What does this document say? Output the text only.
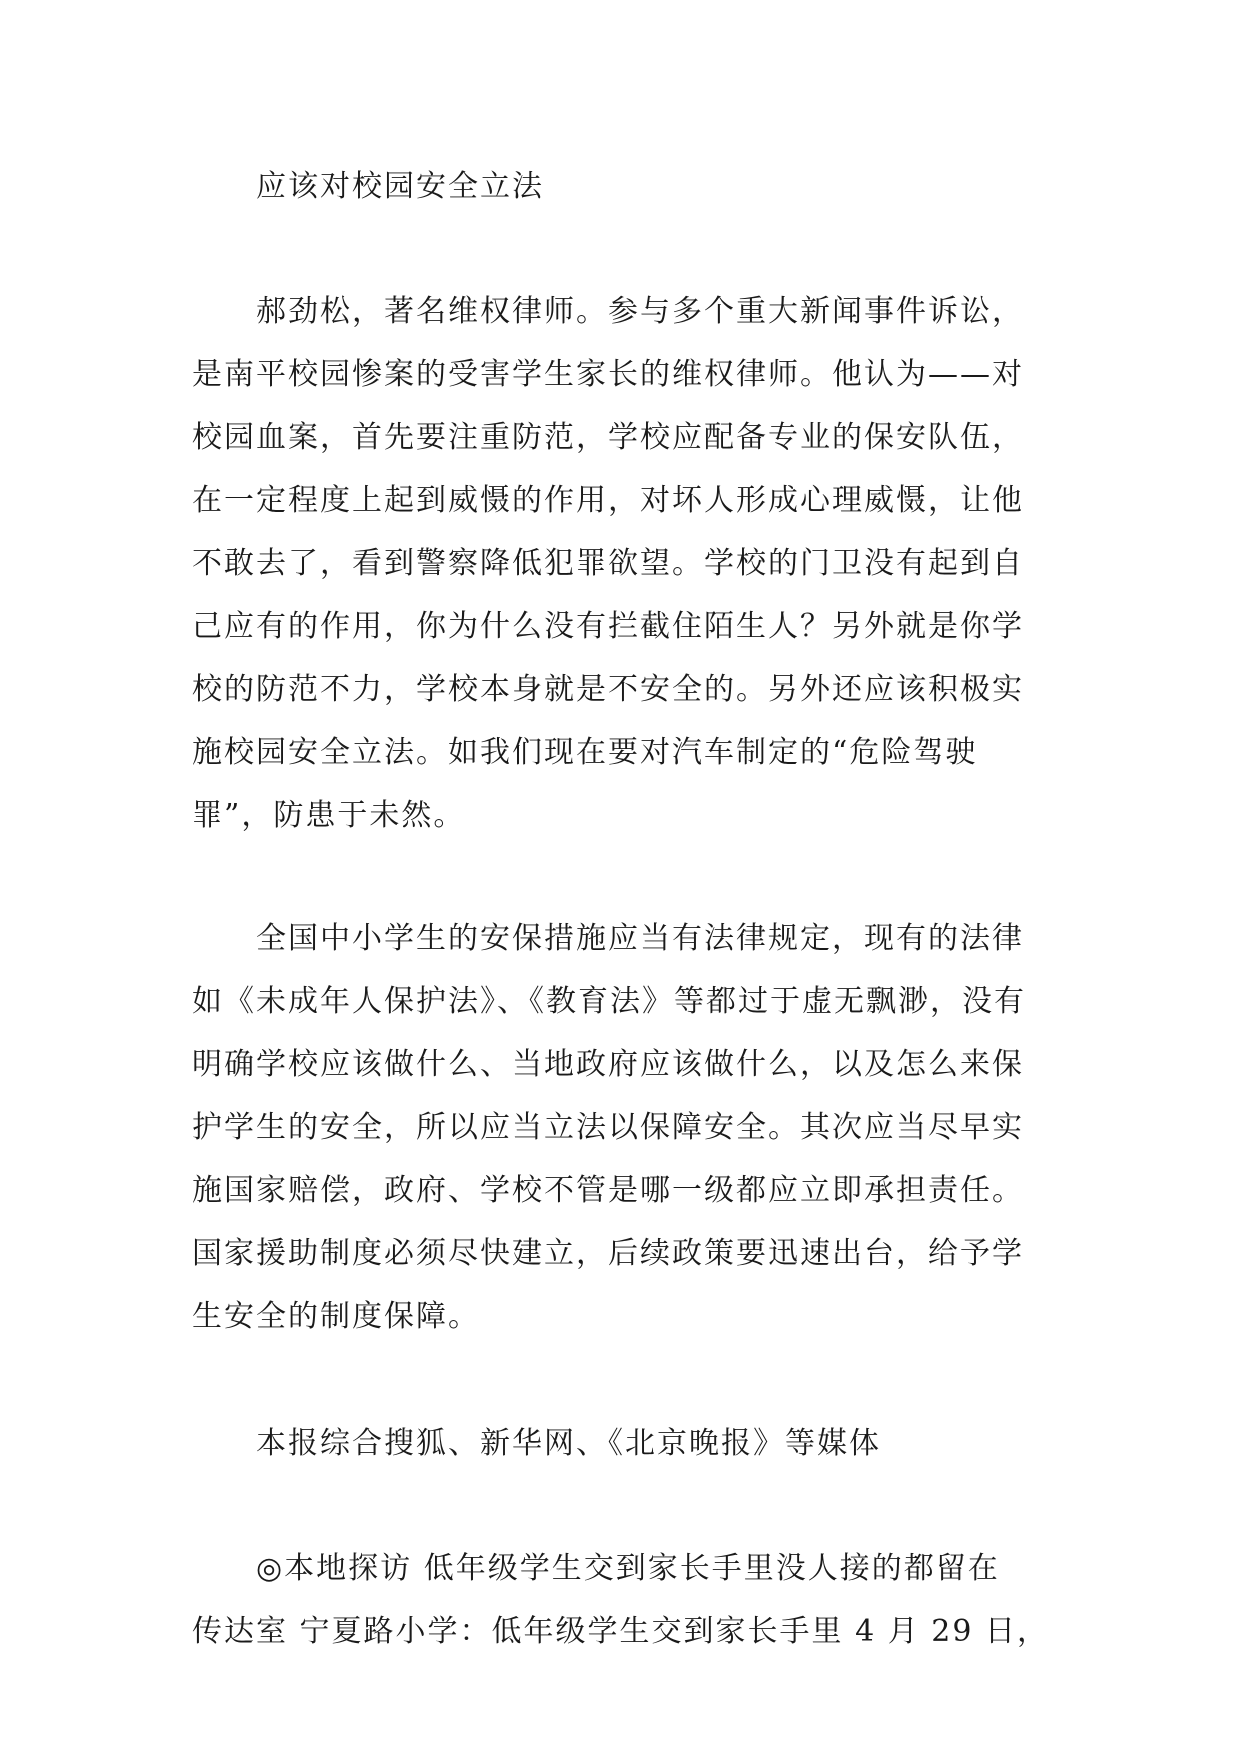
应该对校园安全立法

郝劲松，著名维权律师。参与多个重大新闻事件诉讼，
是南平校园惨案的受害学生家长的维权律师。他认为——对
校园血案，首先要注重防范，学校应配备专业的保安队伍，
在一定程度上起到威慑的作用，对坏人形成心理威慑，让他
不敢去了，看到警察降低犯罪欲望。学校的门卫没有起到自
己应有的作用，你为什么没有拦截住陌生人？另外就是你学
校的防范不力，学校本身就是不安全的。另外还应该积极实
施校园安全立法。如我们现在要对汽车制定的“危险驾驶
罪”，防患于未然。

全国中小学生的安保措施应当有法律规定，现有的法律
如《未成年人保护法》、《教育法》等都过于虚无飘渺，没有
明确学校应该做什么、当地政府应该做什么，以及怎么来保
护学生的安全，所以应当立法以保障安全。其次应当尽早实
施国家赔偿，政府、学校不管是哪一级都应立即承担责任。
国家援助制度必须尽快建立，后续政策要迅速出台，给予学
生安全的制度保障。

本报综合搜狐、新华网、《北京晚报》等媒体

◎本地探访 低年级学生交到家长手里没人接的都留在
传达室 宁夏路小学：低年级学生交到家长手里 4 月 29 日，
